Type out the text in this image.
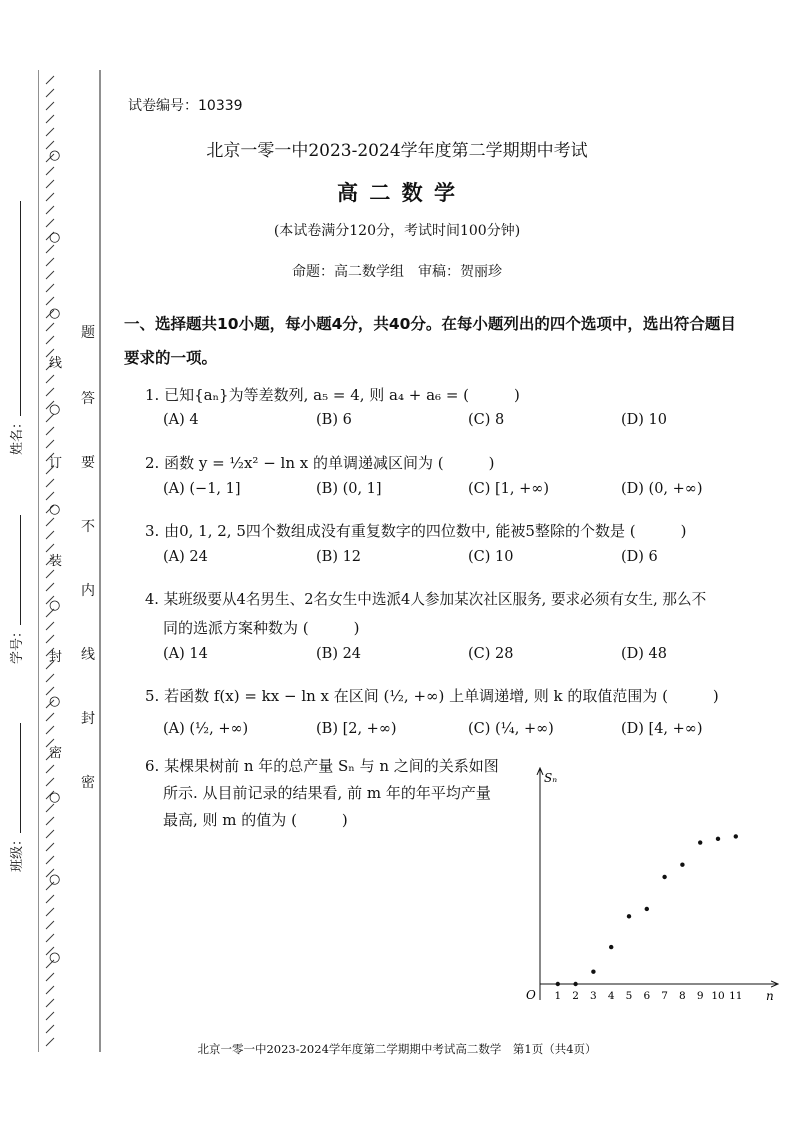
○
○
○
线
○
订
○
装
○
封
○
密
○
○
○
题
答
要
不
内
线
封
密
班级：
学号：
姓名：
试卷编号：10339
北京一零一中2023-2024学年度第二学期期中考试
高 二 数 学
(本试卷满分120分，考试时间100分钟)
命题：高二数学组　审稿：贺丽珍
一、选择题共10小题，每小题4分，共40分。在每小题列出的四个选项中，选出符合题目
要求的一项。
1. 已知{aₙ}为等差数列, a₅ = 4, 则 a₄ + a₆ = (　　　)
(A) 4	(B) 6	(C) 8	(D) 10
2. 函数 y = ½x² − ln x 的单调递减区间为 (　　　)
(A) (−1, 1]	(B) (0, 1]	(C) [1, +∞)	(D) (0, +∞)
3. 由0, 1, 2, 5四个数组成没有重复数字的四位数中, 能被5整除的个数是 (　　　)
(A) 24	(B) 12	(C) 10	(D) 6
4. 某班级要从4名男生、2名女生中选派4人参加某次社区服务, 要求必须有女生, 那么不
同的选派方案种数为 (　　　)
(A) 14	(B) 24	(C) 28	(D) 48
5. 若函数 f(x) = kx − ln x 在区间 (½, +∞) 上单调递增, 则 k 的取值范围为 (　　　)
(A) (½, +∞)	(B) [2, +∞)	(C) (¼, +∞)	(D) [4, +∞)
6. 某棵果树前 n 年的总产量 Sₙ 与 n 之间的关系如图
所示. 从目前记录的结果看, 前 m 年的年平均产量
最高, 则 m 的值为 (　　　)
Sₙ
n
O 1 2 3 4 5 6 7 8 9 10 11
北京一零一中2023-2024学年度第二学期期中考试高二数学　第1页（共4页）
